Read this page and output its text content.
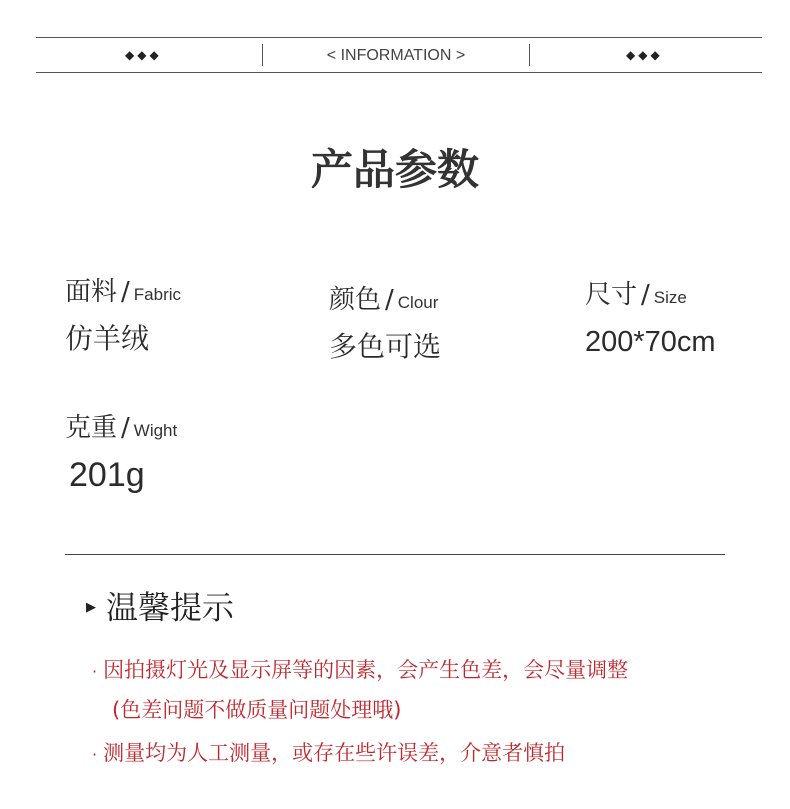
◆◆◆	< INFORMATION >	◆◆◆
产品参数
面料 / Fabric
仿羊绒
颜色 / Clour
多色可选
尺寸 / Size
200*70cm
克重 / Wight
201g
▶ 温馨提示
· 因拍摄灯光及显示屏等的因素，会产生色差，会尽量调整
(色差问题不做质量问题处理哦)
· 测量均为人工测量，或存在些许误差，介意者慎拍
